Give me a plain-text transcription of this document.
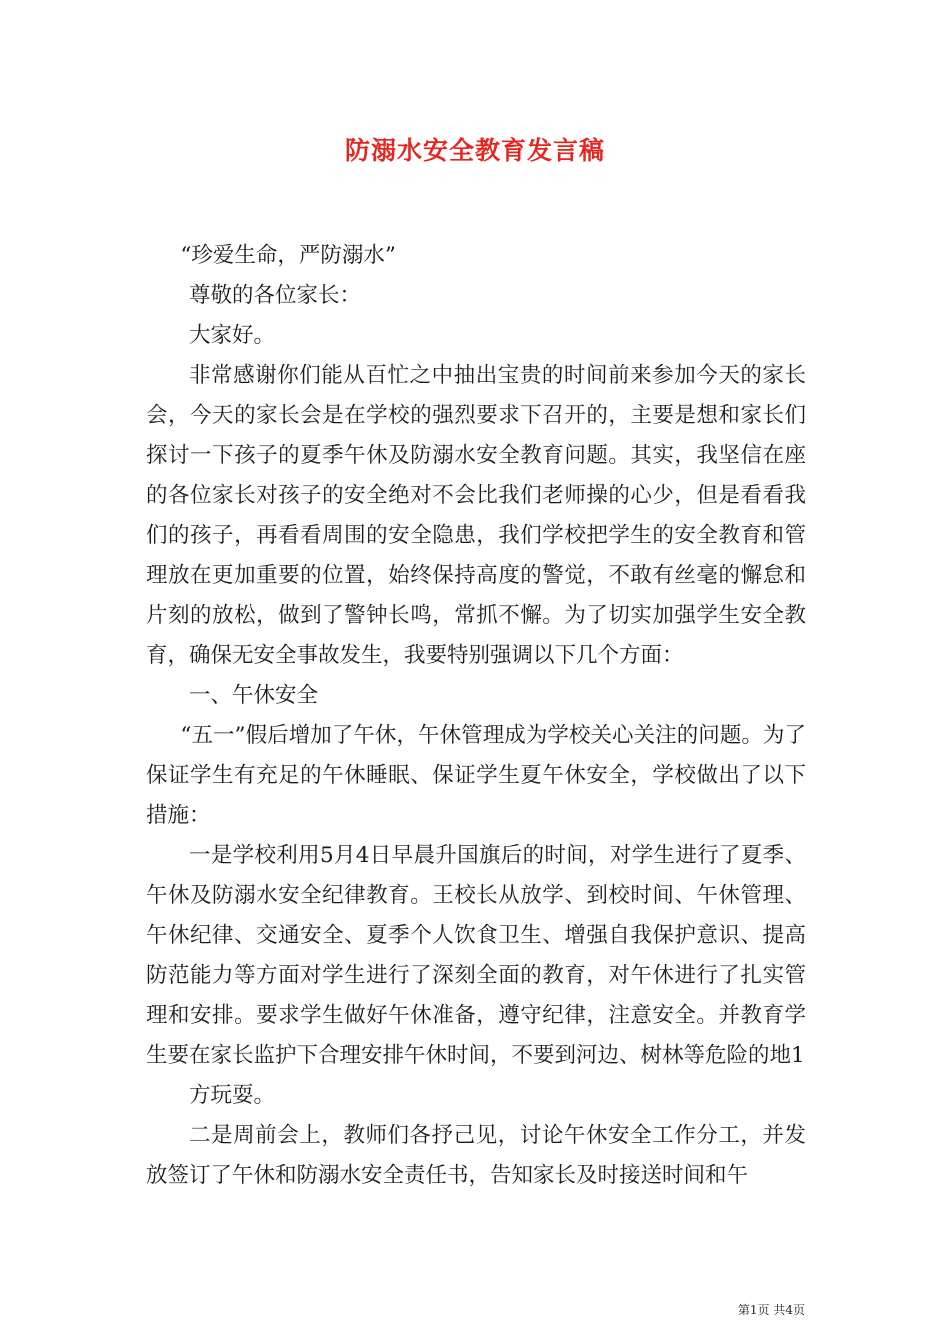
防溺水安全教育发言稿

“珍爱生命，严防溺水”

尊敬的各位家长：

大家好。

非常感谢你们能从百忙之中抽出宝贵的时间前来参加今天的家长会，今天的家长会是在学校的强烈要求下召开的，主要是想和家长们探讨一下孩子的夏季午休及防溺水安全教育问题。其实，我坚信在座的各位家长对孩子的安全绝对不会比我们老师操的心少，但是看看我们的孩子，再看看周围的安全隐患，我们学校把学生的安全教育和管理放在更加重要的位置，始终保持高度的警觉，不敢有丝毫的懈怠和片刻的放松，做到了警钟长鸣，常抓不懈。为了切实加强学生安全教育，确保无安全事故发生，我要特别强调以下几个方面：

一、午休安全

“五一”假后增加了午休，午休管理成为学校关心关注的问题。为了保证学生有充足的午休睡眠、保证学生夏午休安全，学校做出了以下措施：

一是学校利用5月4日早晨升国旗后的时间，对学生进行了夏季、午休及防溺水安全纪律教育。王校长从放学、到校时间、午休管理、午休纪律、交通安全、夏季个人饮食卫生、增强自我保护意识、提高防范能力等方面对学生进行了深刻全面的教育，对午休进行了扎实管理和安排。要求学生做好午休准备，遵守纪律，注意安全。并教育学生要在家长监护下合理安排午休时间，不要到河边、树林等危险的地1

方玩耍。

二是周前会上，教师们各抒己见，讨论午休安全工作分工，并发放签订了午休和防溺水安全责任书，告知家长及时接送时间和午

第1页 共4页
